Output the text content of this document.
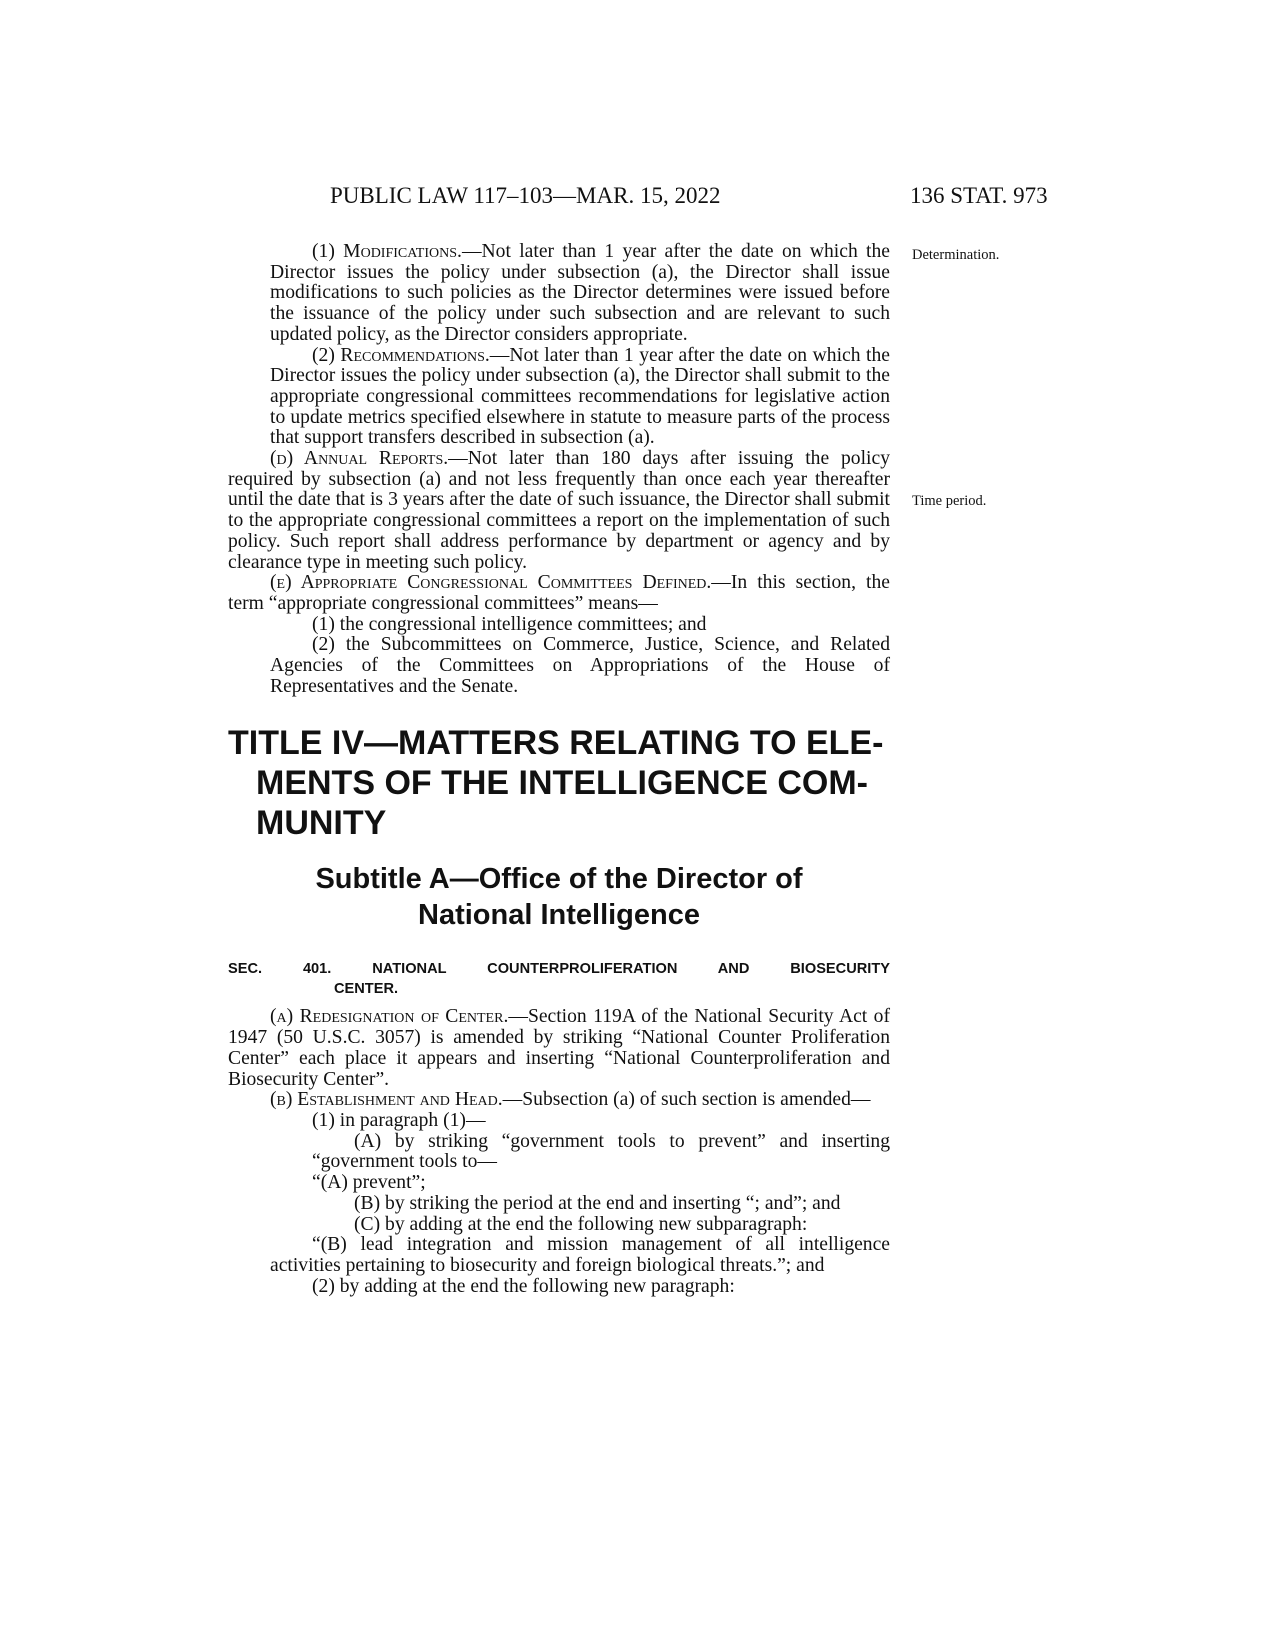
PUBLIC LAW 117–103—MAR. 15, 2022	136 STAT. 973
Determination.
Time period.

(1) Modifications.—Not later than 1 year after the date on which the Director issues the policy under subsection (a), the Director shall issue modifications to such policies as the Director determines were issued before the issuance of the policy under such subsection and are relevant to such updated policy, as the Director considers appropriate.

(2) Recommendations.—Not later than 1 year after the date on which the Director issues the policy under subsection (a), the Director shall submit to the appropriate congressional committees recommendations for legislative action to update metrics specified elsewhere in statute to measure parts of the process that support transfers described in subsection (a).

(d) Annual Reports.—Not later than 180 days after issuing the policy required by subsection (a) and not less frequently than once each year thereafter until the date that is 3 years after the date of such issuance, the Director shall submit to the appropriate congressional committees a report on the implementation of such policy. Such report shall address performance by department or agency and by clearance type in meeting such policy.

(e) Appropriate Congressional Committees Defined.—In this section, the term “appropriate congressional committees” means—

(1) the congressional intelligence committees; and

(2) the Subcommittees on Commerce, Justice, Science, and Related Agencies of the Committees on Appropriations of the House of Representatives and the Senate.

TITLE IV—MATTERS RELATING TO ELE-
MENTS OF THE INTELLIGENCE COM-
MUNITY
Subtitle A—Office of the Director of
National Intelligence
SEC. 401. NATIONAL COUNTERPROLIFERATION AND BIOSECURITY
CENTER.

(a) Redesignation of Center.—Section 119A of the National Security Act of 1947 (50 U.S.C. 3057) is amended by striking “National Counter Proliferation Center” each place it appears and inserting “National Counterproliferation and Biosecurity Center”.

(b) Establishment and Head.—Subsection (a) of such section is amended—

(1) in paragraph (1)—

(A) by striking “government tools to prevent” and inserting “government tools to—

“(A) prevent”;

(B) by striking the period at the end and inserting “; and”; and

(C) by adding at the end the following new subparagraph:

“(B) lead integration and mission management of all intelligence activities pertaining to biosecurity and foreign biological threats.”; and

(2) by adding at the end the following new paragraph:
